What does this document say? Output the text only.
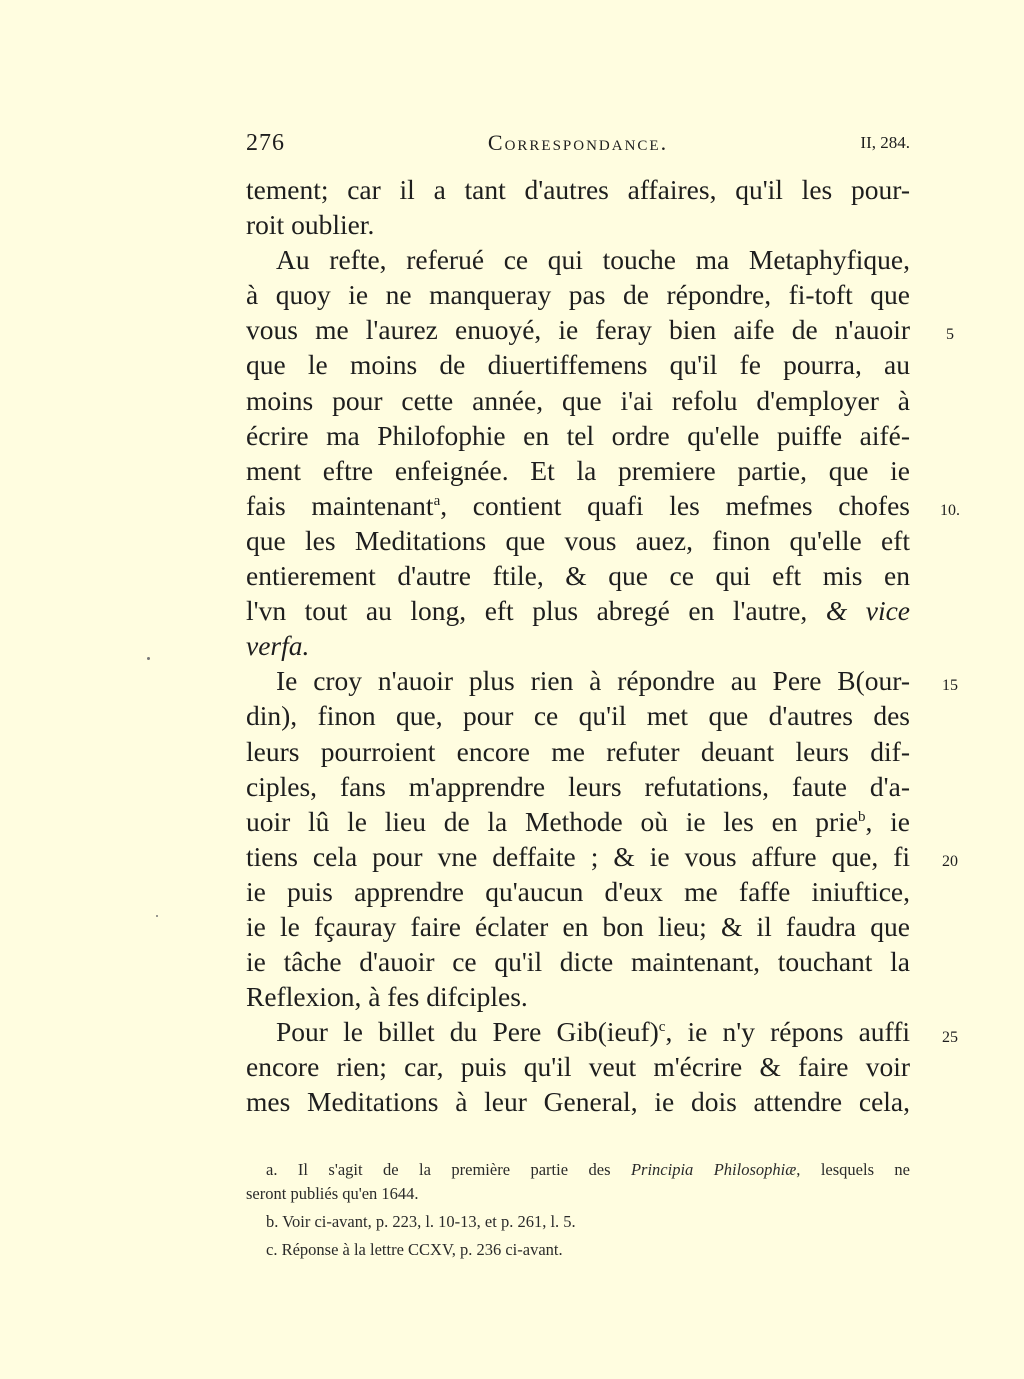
276	Correspondance.	II, 284.
tement; car il a tant d'autres affaires, qu'il les pour-
roit oublier.
Au refte, referué ce qui touche ma Metaphyfique,
à quoy ie ne manqueray pas de répondre, fi-toft que
vous me l'aurez enuoyé, ie feray bien aife de n'auoir
que le moins de diuertiffemens qu'il fe pourra, au
moins pour cette année, que i'ai refolu d'employer à
écrire ma Philofophie en tel ordre qu'elle puiffe aifé-
ment eftre enfeignée. Et la premiere partie, que ie
fais maintenant$^a$, contient quafi les mefmes chofes
que les Meditations que vous auez, finon qu'elle eft
entierement d'autre ftile, & que ce qui eft mis en
l'vn tout au long, eft plus abregé en l'autre, & vice
verfa.
Ie croy n'auoir plus rien à répondre au Pere B(our-
din), finon que, pour ce qu'il met que d'autres des
leurs pourroient encore me refuter deuant leurs dif-
ciples, fans m'apprendre leurs refutations, faute d'a-
uoir lû le lieu de la Methode où ie les en prie$^b$, ie
tiens cela pour vne deffaite ; & ie vous affure que, fi
ie puis apprendre qu'aucun d'eux me faffe iniuftice,
ie le fçauray faire éclater en bon lieu; & il faudra que
ie tâche d'auoir ce qu'il dicte maintenant, touchant la
Reflexion, à fes difciples.
Pour le billet du Pere Gib(ieuf)$^c$, ie n'y répons auffi
encore rien; car, puis qu'il veut m'écrire & faire voir
mes Meditations à leur General, ie dois attendre cela,
5
10.
15
20
25
a. Il s'agit de la première partie des Principia Philosophiæ, lesquels ne
seront publiés qu'en 1644.
b. Voir ci-avant, p. 223, l. 10-13, et p. 261, l. 5.
c. Réponse à la lettre CCXV, p. 236 ci-avant.
